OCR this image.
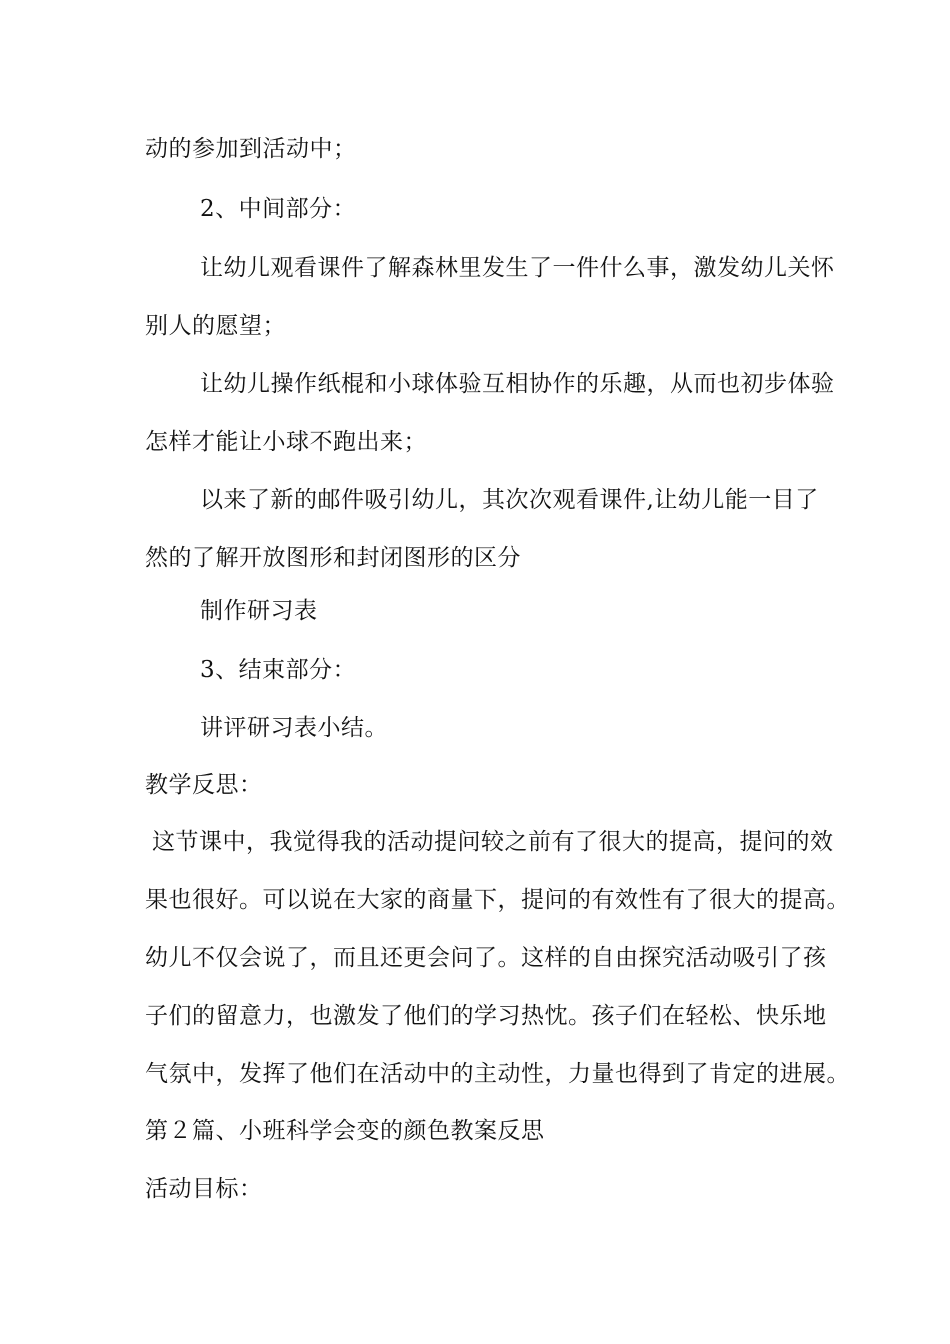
动的参加到活动中；
2、中间部分：
让幼儿观看课件了解森林里发生了一件什么事，激发幼儿关怀
别人的愿望；
让幼儿操作纸棍和小球体验互相协作的乐趣，从而也初步体验
怎样才能让小球不跑出来；
以来了新的邮件吸引幼儿，其次次观看课件,让幼儿能一目了
然的了解开放图形和封闭图形的区分
制作研习表
3、结束部分：
讲评研习表小结。
教学反思：
这节课中，我觉得我的活动提问较之前有了很大的提高，提问的效
果也很好。可以说在大家的商量下，提问的有效性有了很大的提高。
幼儿不仅会说了，而且还更会问了。这样的自由探究活动吸引了孩
子们的留意力，也激发了他们的学习热忱。孩子们在轻松、快乐地
气氛中，发挥了他们在活动中的主动性，力量也得到了肯定的进展。
第２篇、小班科学会变的颜色教案反思
活动目标：
